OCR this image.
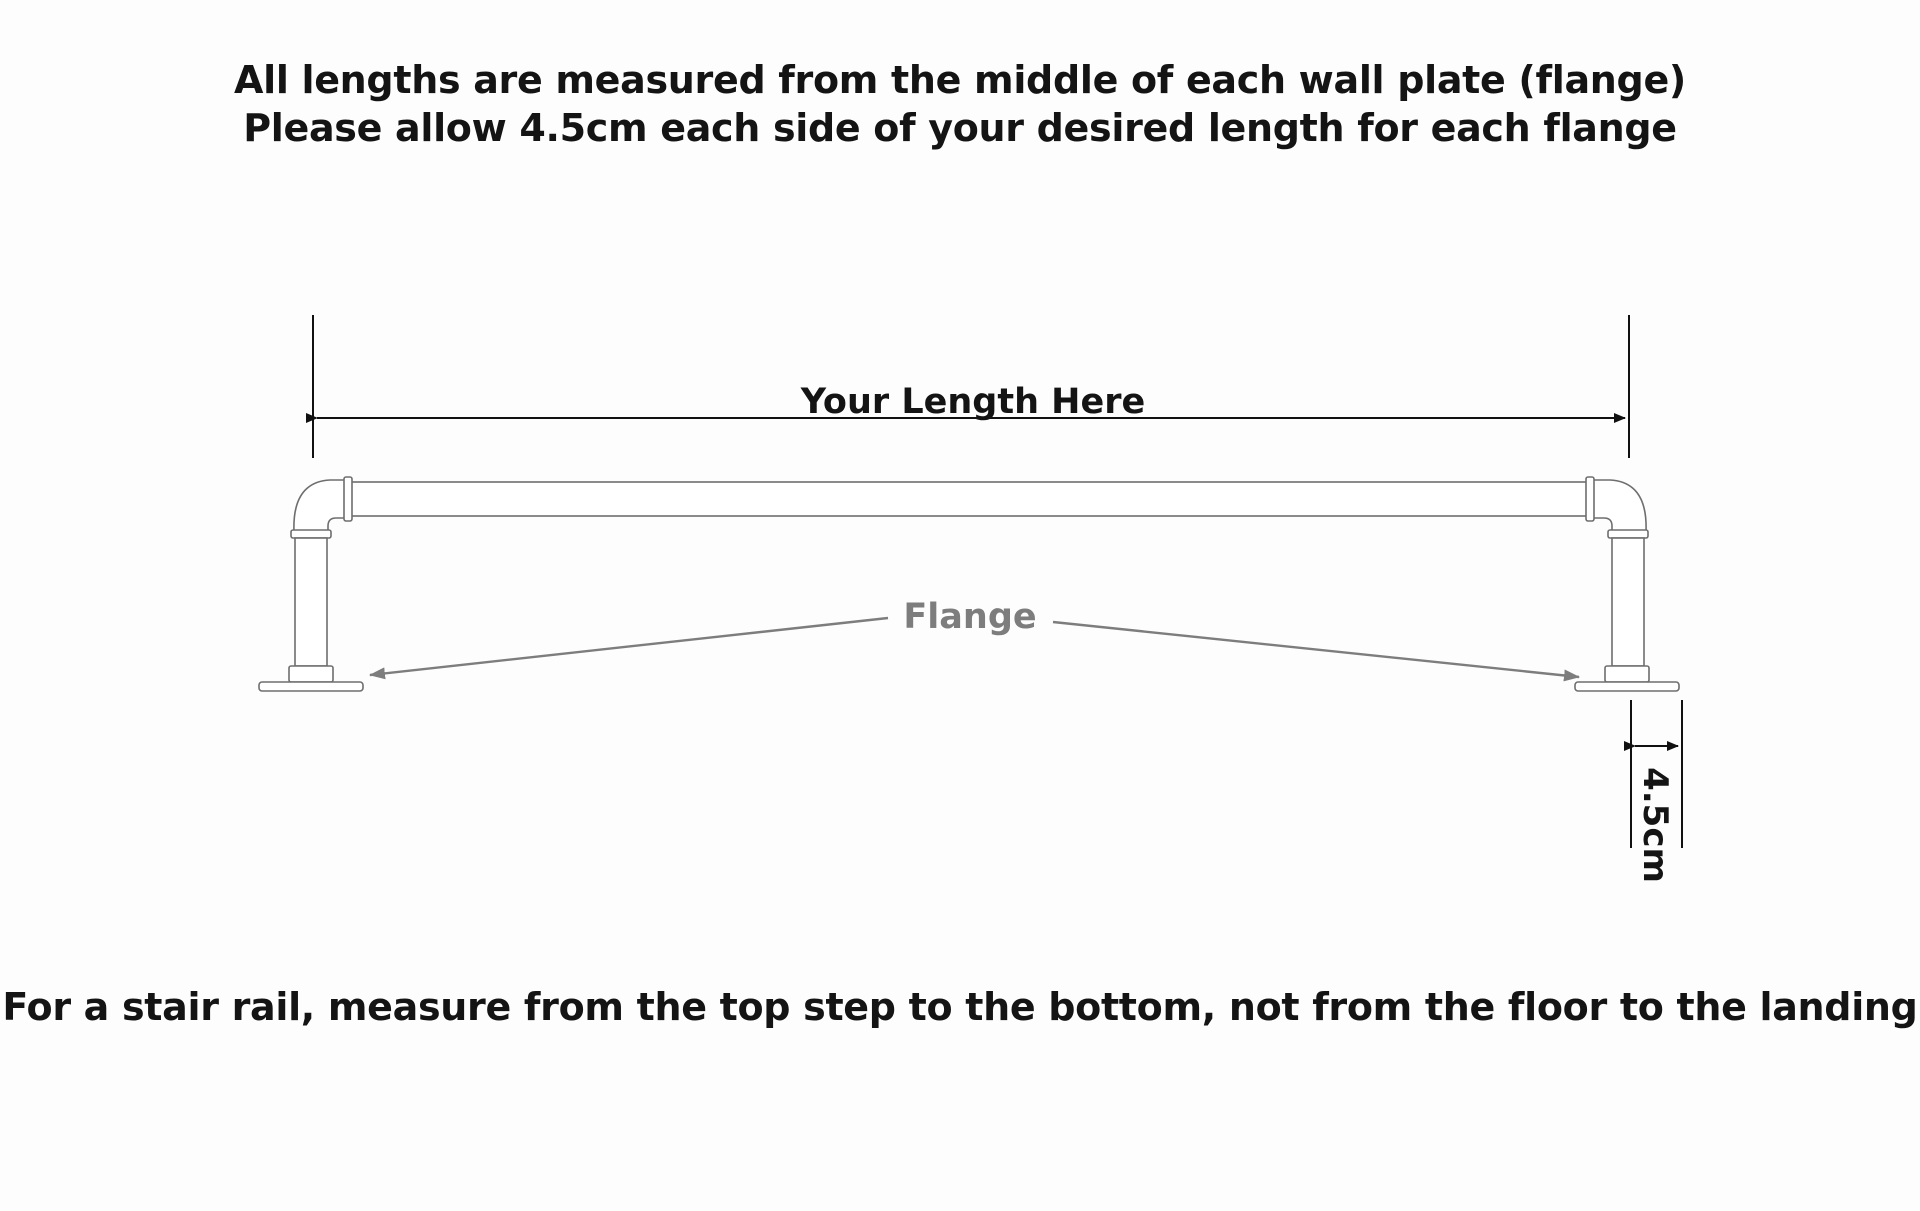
All lengths are measured from the middle of each wall plate (flange)
Please allow 4.5cm each side of your desired length for each flange
Your Length Here
Flange
4.5cm
For a stair rail, measure from the top step to the bottom, not from the floor to the landing
